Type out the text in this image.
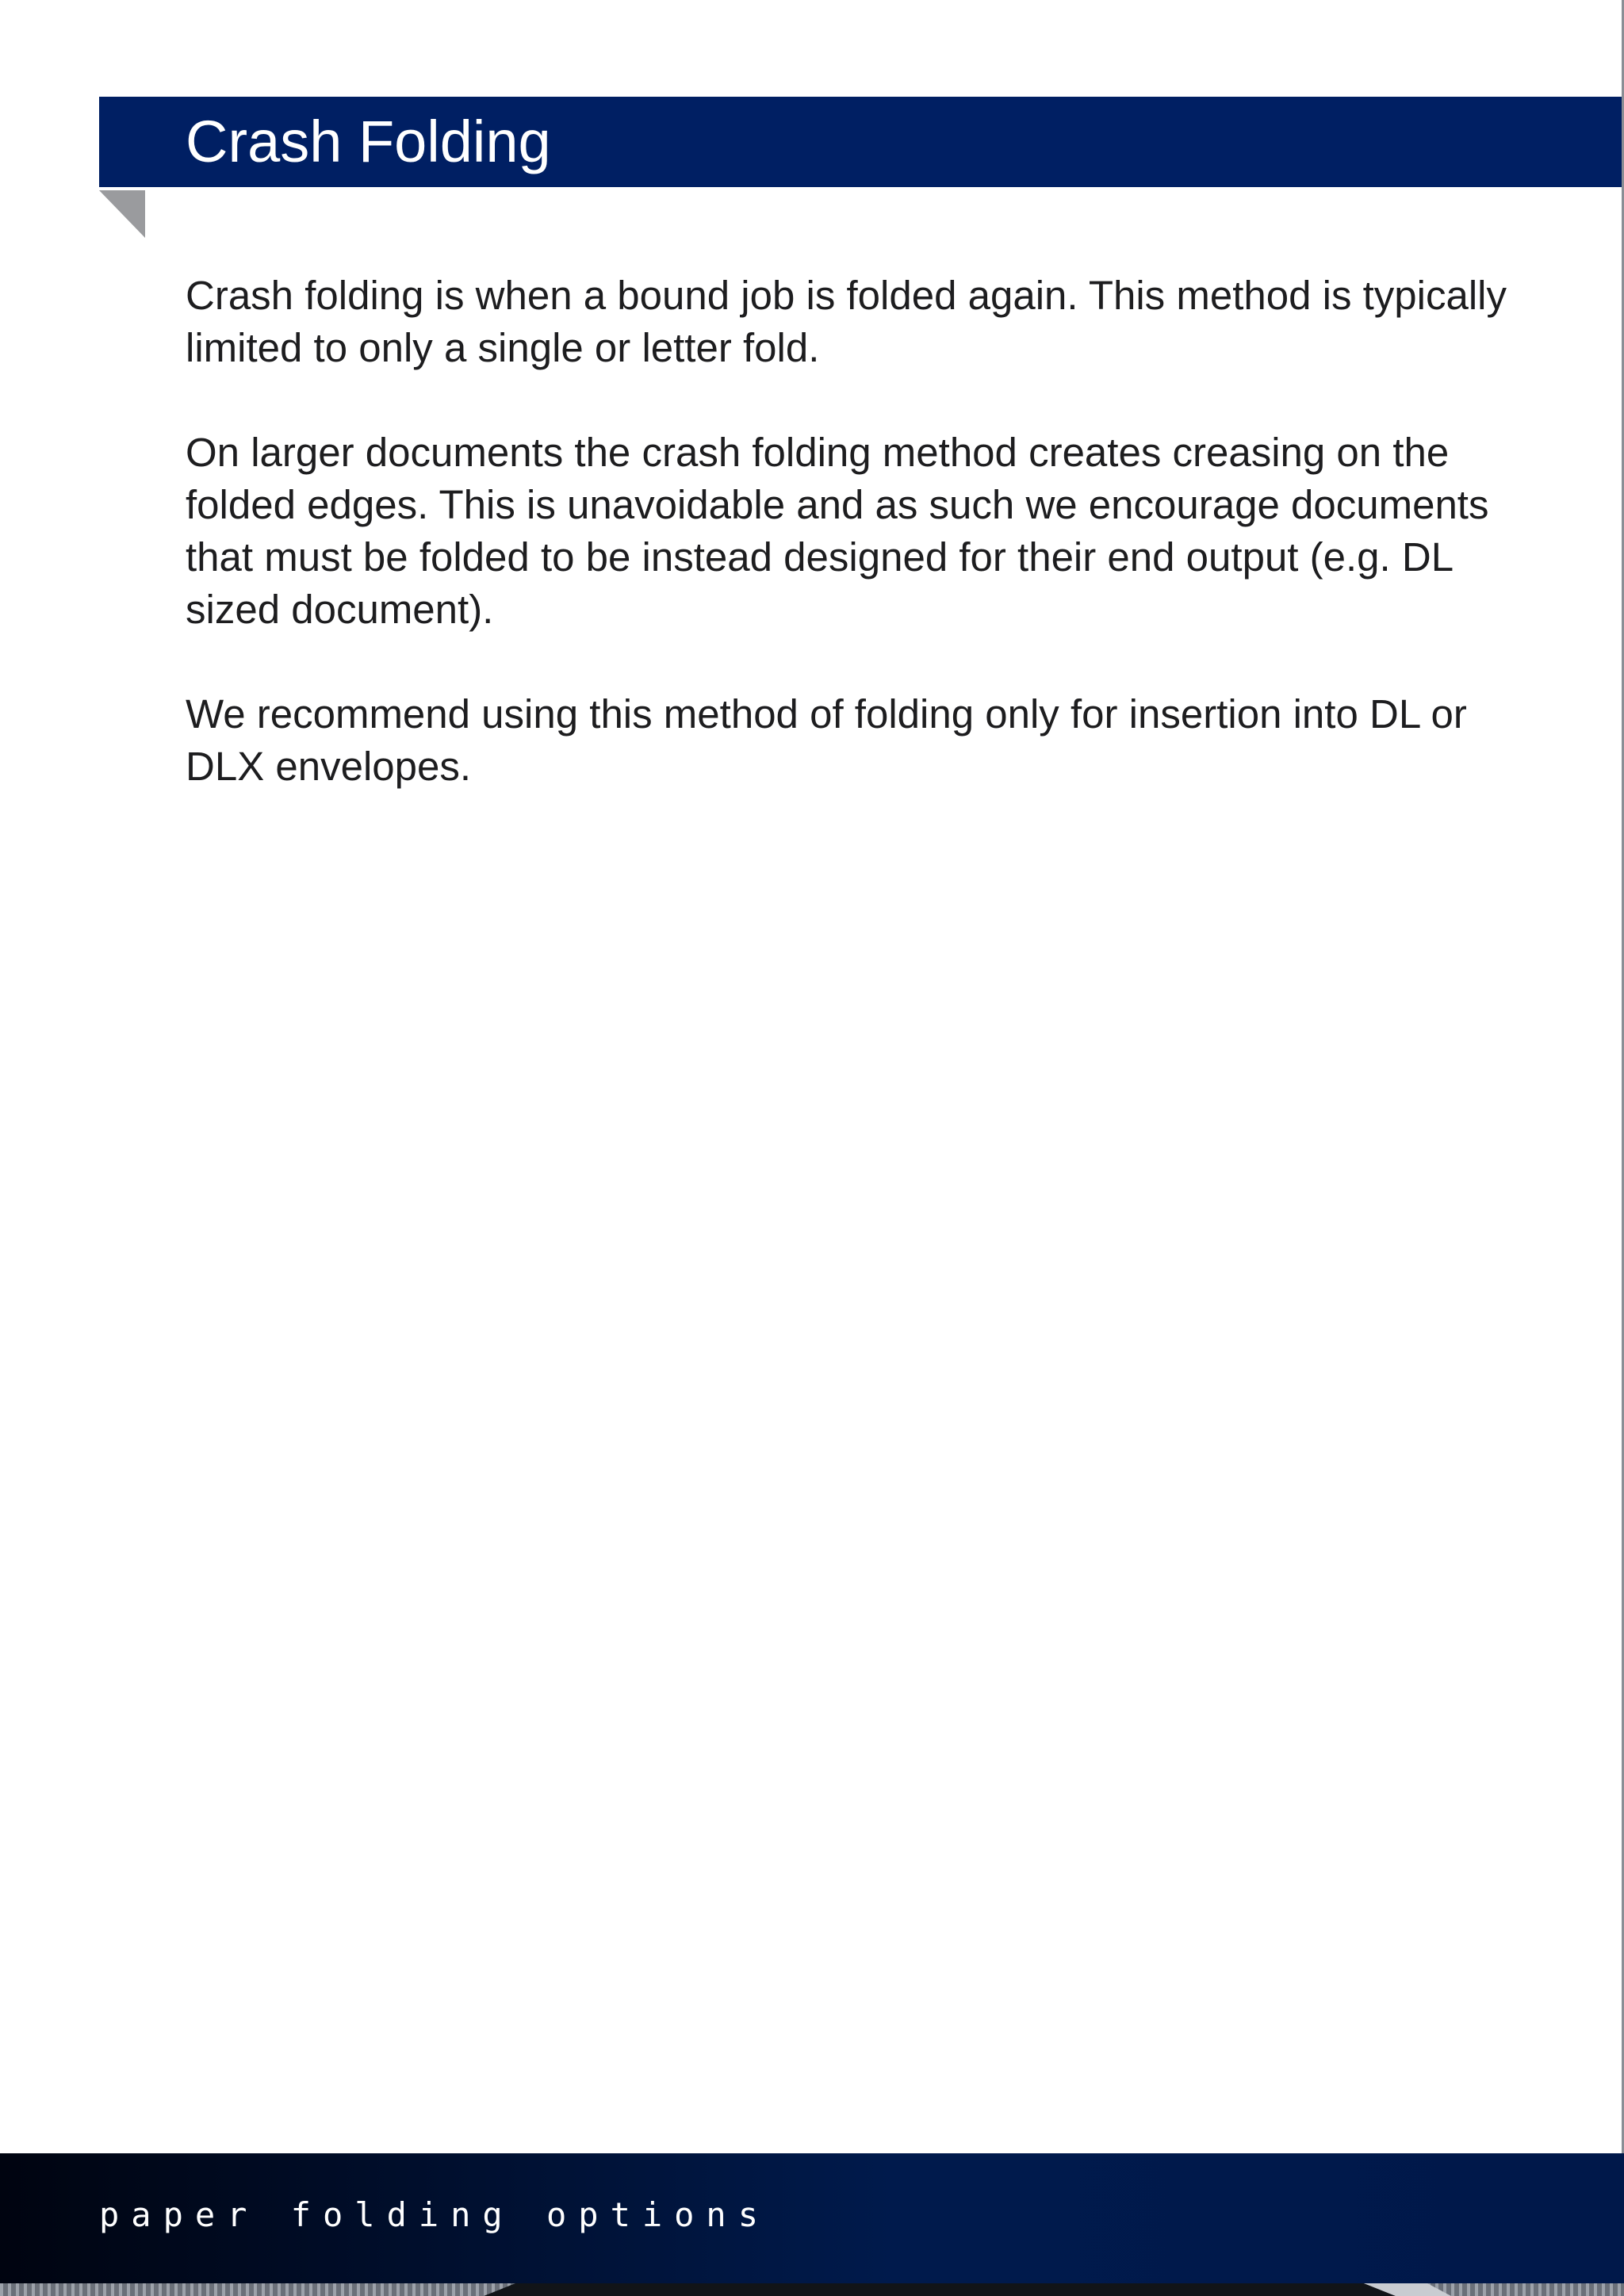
Crash Folding

Crash folding is when a bound job is folded again. This method is typically limited to only a single or letter fold.

On larger documents the crash folding method creates creasing on the folded edges. This is unavoidable and as such we encourage documents that must be folded to be instead designed for their end output (e.g. DL sized document).

We recommend using this method of folding only for insertion into DL or DLX envelopes.

paper folding options
